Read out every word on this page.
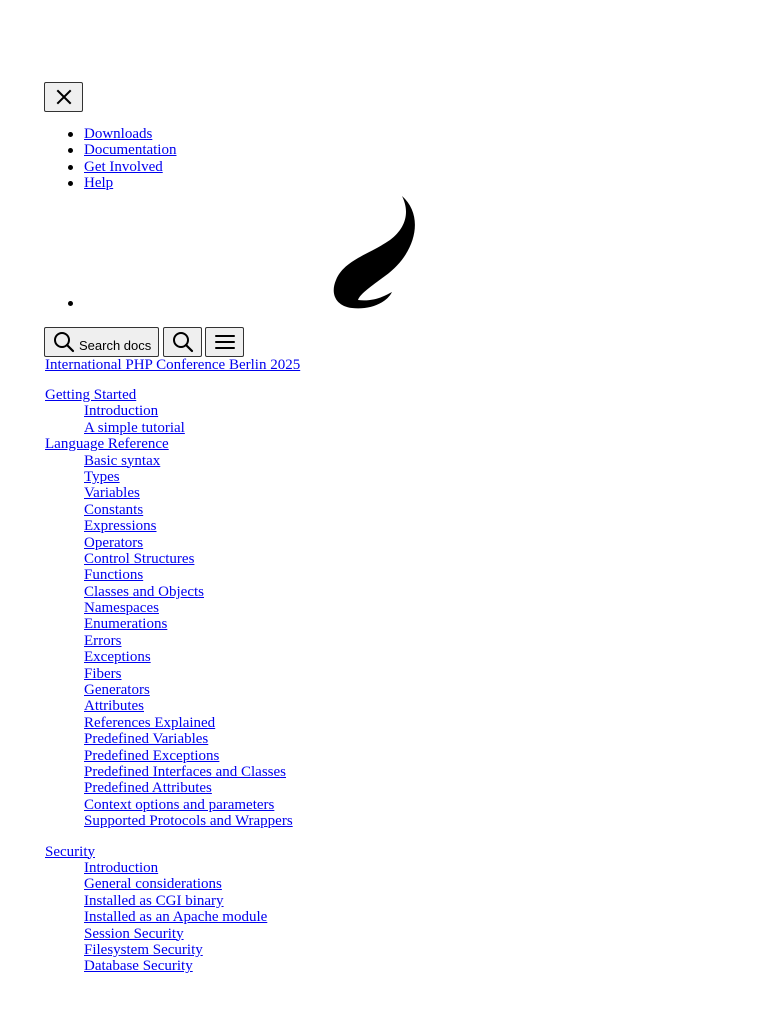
Downloads
Documentation
Get Involved
Help
Search docs
International PHP Conference Berlin 2025
Getting Started
Introduction
A simple tutorial
Language Reference
Basic syntax
Types
Variables
Constants
Expressions
Operators
Control Structures
Functions
Classes and Objects
Namespaces
Enumerations
Errors
Exceptions
Fibers
Generators
Attributes
References Explained
Predefined Variables
Predefined Exceptions
Predefined Interfaces and Classes
Predefined Attributes
Context options and parameters
Supported Protocols and Wrappers
Security
Introduction
General considerations
Installed as CGI binary
Installed as an Apache module
Session Security
Filesystem Security
Database Security
